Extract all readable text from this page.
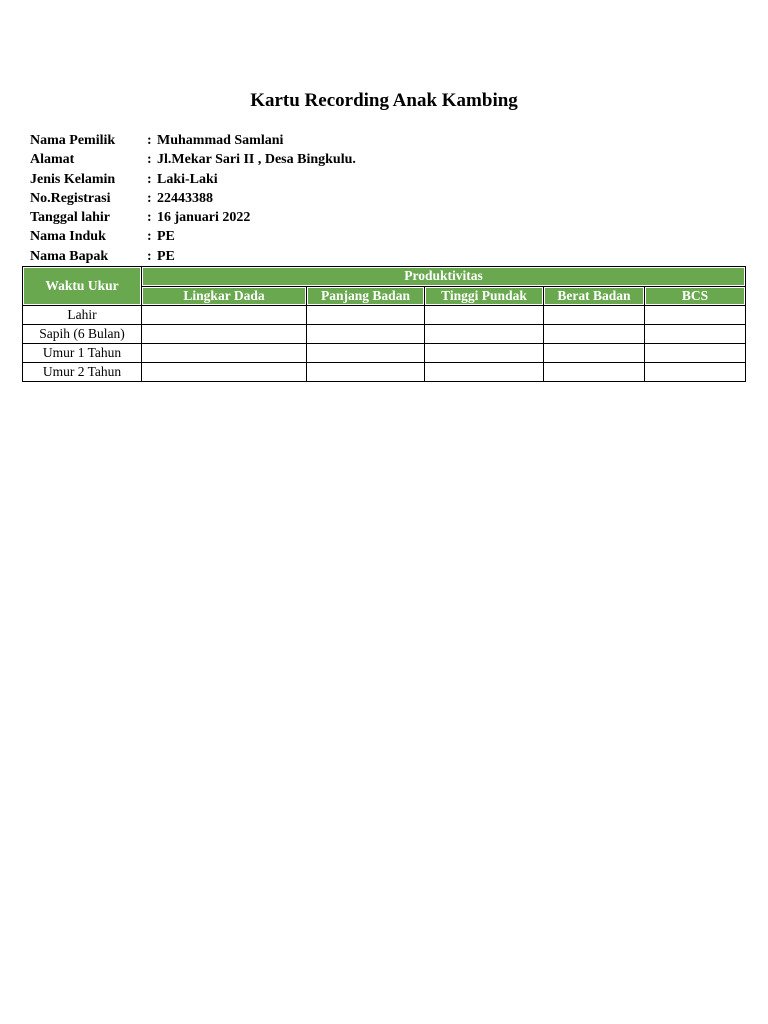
Kartu Recording Anak Kambing
Nama Pemilik : Muhammad Samlani
Alamat	: Jl.Mekar Sari II , Desa Bingkulu.
Jenis Kelamin : Laki-Laki
No.Registrasi	: 22443388
Tanggal lahir	: 16 januari 2022
Nama Induk	: PE
Nama Bapak	: PE
Waktu Ukur	Produktivitas				
	Lingkar Dada	Panjang Badan	Tinggi Pundak	Berat Badan	BCS
Lahir					
Sapih (6 Bulan)					
Umur 1 Tahun					
Umur 2 Tahun					
